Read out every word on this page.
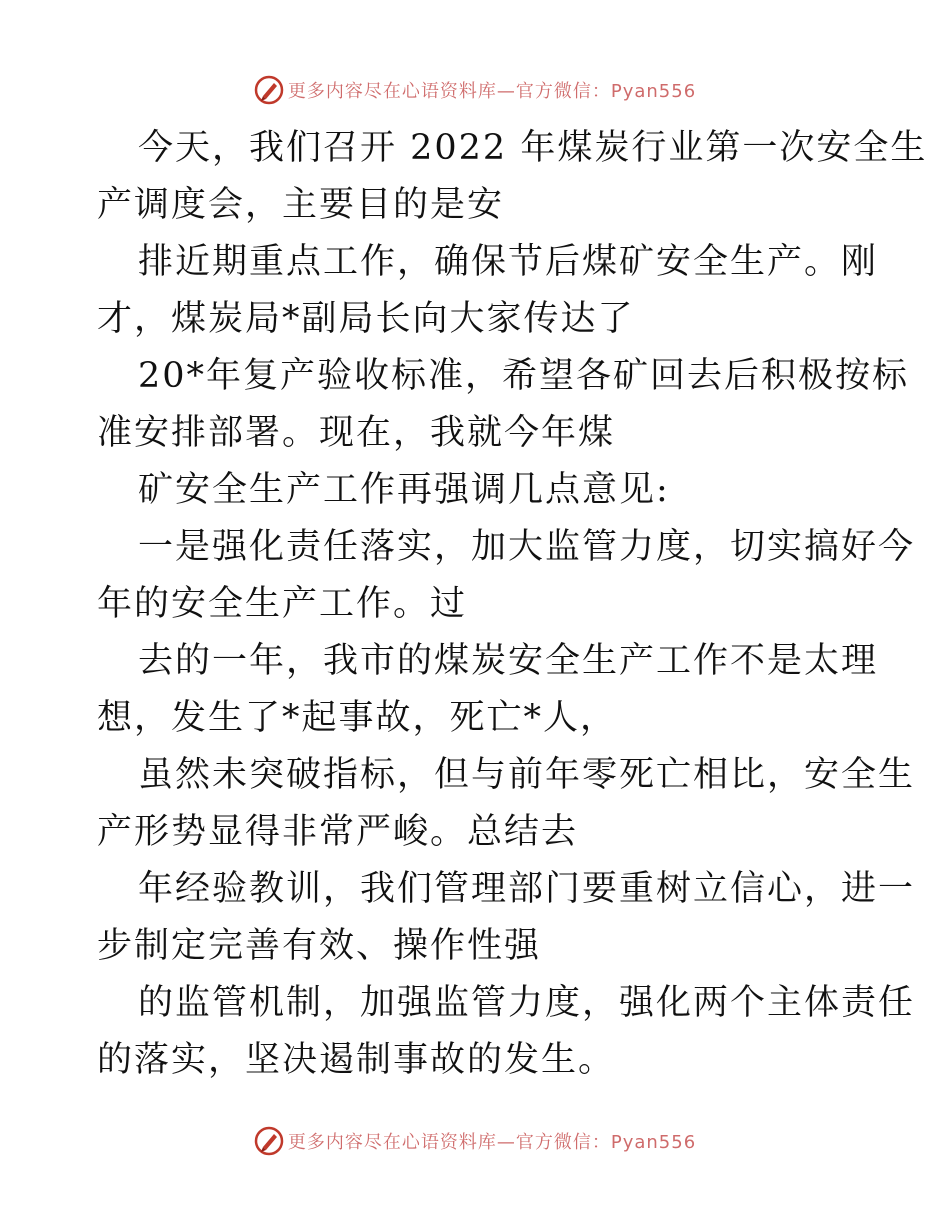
更多内容尽在心语资料库—官方微信：Pyan556

今天，我们召开 2022 年煤炭行业第一次安全生
产调度会，主要目的是安

排近期重点工作，确保节后煤矿安全生产。刚
才，煤炭局*副局长向大家传达了

20*年复产验收标准，希望各矿回去后积极按标
准安排部署。现在，我就今年煤

矿安全生产工作再强调几点意见:

一是强化责任落实，加大监管力度，切实搞好今
年的安全生产工作。过

去的一年，我市的煤炭安全生产工作不是太理
想，发生了*起事故，死亡*人，

虽然未突破指标，但与前年零死亡相比，安全生
产形势显得非常严峻。总结去

年经验教训，我们管理部门要重树立信心，进一
步制定完善有效、操作性强

的监管机制，加强监管力度，强化两个主体责任
的落实，坚决遏制事故的发生。

更多内容尽在心语资料库—官方微信：Pyan556
